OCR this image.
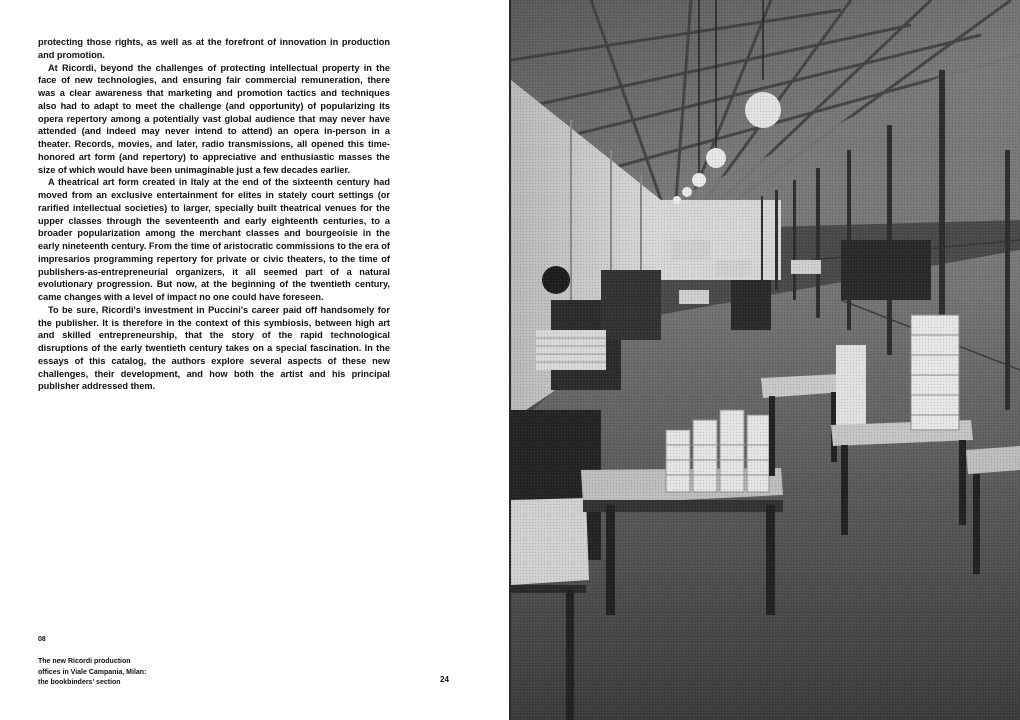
protecting those rights, as well as at the forefront of innovation in production and promotion.

At Ricordi, beyond the challenges of protecting intellectual property in the face of new technologies, and ensuring fair commercial remuneration, there was a clear awareness that marketing and promotion tactics and techniques also had to adapt to meet the challenge (and opportunity) of popularizing its opera repertory among a potentially vast global audience that may never have attended (and indeed may never intend to attend) an opera in-person in a theater. Records, movies, and later, radio transmissions, all opened this time-honored art form (and repertory) to appreciative and enthusiastic masses the size of which would have been unimaginable just a few decades earlier.

A theatrical art form created in Italy at the end of the sixteenth century had moved from an exclusive entertainment for elites in stately court settings (or rarified intellectual societies) to larger, specially built theatrical venues for the upper classes through the seventeenth and early eighteenth centuries, to a broader popularization among the merchant classes and bourgeoisie in the early nineteenth century. From the time of aristocratic commissions to the era of impresarios programming repertory for private or civic theaters, to the time of publishers-as-entrepreneurial organizers, it all seemed part of a natural evolutionary progression. But now, at the beginning of the twentieth century, came changes with a level of impact no one could have foreseen.

To be sure, Ricordi's investment in Puccini's career paid off handsomely for the publisher. It is therefore in the context of this symbiosis, between high art and skilled entrepreneurship, that the story of the rapid technological disruptions of the early twentieth century takes on a special fascination. In the essays of this catalog, the authors explore several aspects of these new challenges, their development, and how both the artist and his principal publisher addressed them.

08
The new Ricordi production
offices in Viale Campania, Milan:
the bookbinders' section	24
